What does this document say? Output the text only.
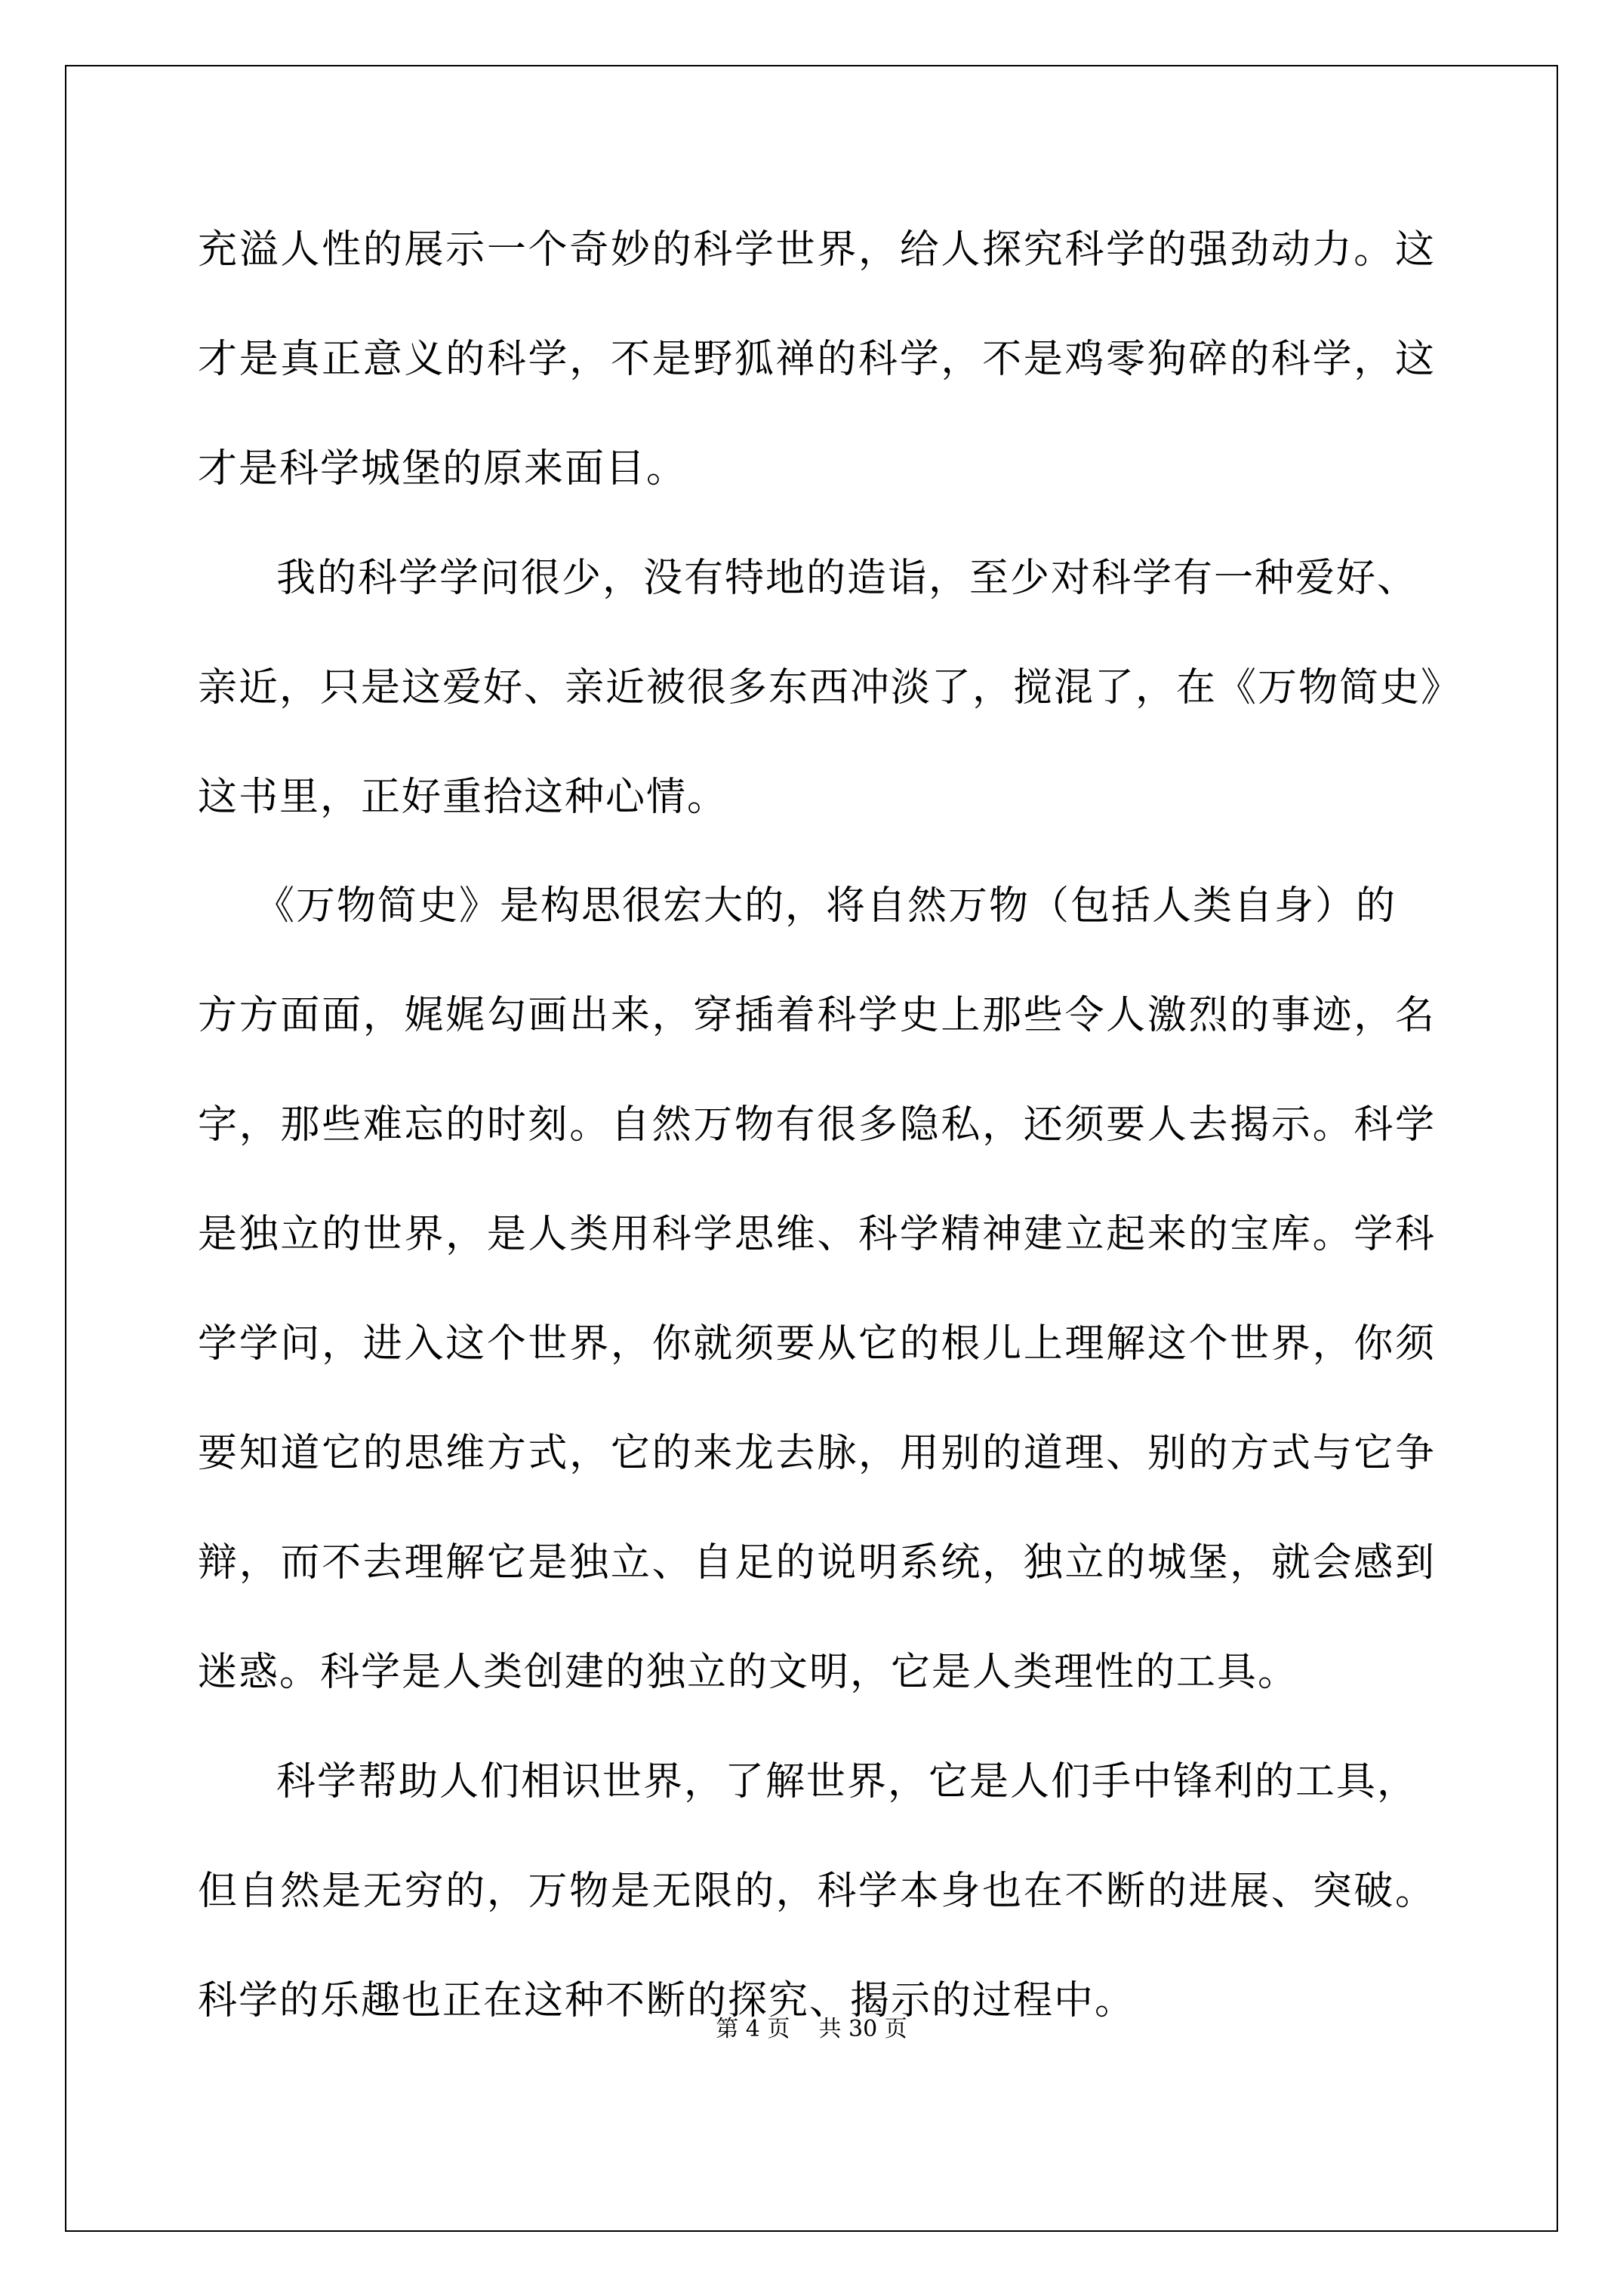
充溢人性的展示一个奇妙的科学世界，给人探究科学的强劲动力。这
才是真正意义的科学，不是野狐禅的科学，不是鸡零狗碎的科学，这
才是科学城堡的原来面目。
我的科学学问很少，没有特地的造诣，至少对科学有一种爱好、
亲近，只是这爱好、亲近被很多东西冲淡了，搅混了，在《万物简史》
这书里，正好重拾这种心情。
《万物简史》是构思很宏大的，将自然万物（包括人类自身）的
方方面面，娓娓勾画出来，穿插着科学史上那些令人激烈的事迹，名
字，那些难忘的时刻。自然万物有很多隐私，还须要人去揭示。科学
是独立的世界，是人类用科学思维、科学精神建立起来的宝库。学科
学学问，进入这个世界，你就须要从它的根儿上理解这个世界，你须
要知道它的思维方式，它的来龙去脉，用别的道理、别的方式与它争
辩，而不去理解它是独立、自足的说明系统，独立的城堡，就会感到
迷惑。科学是人类创建的独立的文明，它是人类理性的工具。
科学帮助人们相识世界，了解世界，它是人们手中锋利的工具，
但自然是无穷的，万物是无限的，科学本身也在不断的进展、突破。
科学的乐趣也正在这种不断的探究、揭示的过程中。
第 4 页    共 30 页
